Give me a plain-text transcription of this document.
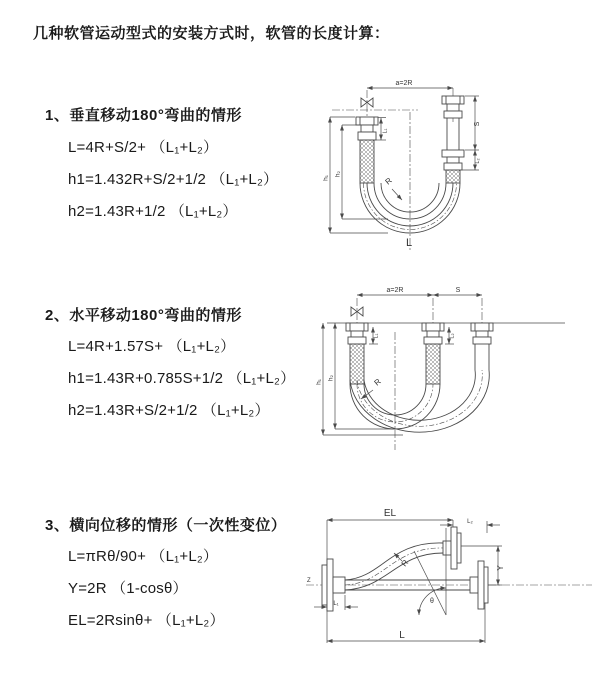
几种软管运动型式的安装方式时，软管的长度计算：
1、垂直移动180°弯曲的情形
L=4R+S/2+ （L₁+L₂）
h1=1.432R+S/2+1/2 （L₁+L₂）
h2=1.43R+1/2 （L₁+L₂）
2、水平移动180°弯曲的情形
L=4R+1.57S+ （L₁+L₂）
h1=1.43R+0.785S+1/2 （L₁+L₂）
h2=1.43R+S/2+1/2 （L₁+L₂）
3、横向位移的情形（一次性变位）
L=πRθ/90+ （L₁+L₂）
Y=2R （1-cosθ）
EL=2Rsinθ+ （L₁+L₂）
a=2R
L₁
R
h₁
h₂
S
L₂
L
a=2R	S
L₁	L₂
R
h₁
h₂
Z
EL
L₂
R
θ
Y
L₁
L
